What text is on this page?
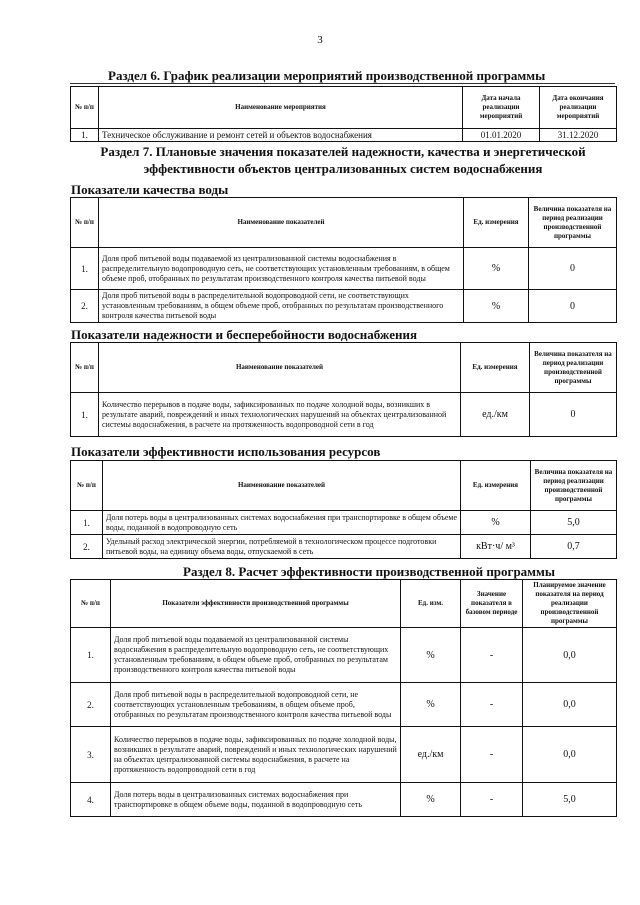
3
Раздел 6. График реализации мероприятий производственной программы
№ п/п	Наименование мероприятия	Дата начала реализации мероприятий	Дата окончания реализации мероприятий
1.	Техническое обслуживание и ремонт сетей и объектов водоснабжения	01.01.2020	31.12.2020
Раздел 7. Плановые значения показателей надежности, качества и энергетической
эффективности объектов централизованных систем водоснабжения
Показатели качества воды
№ п/п	Наименование показателей	Ед. измерения	Величина показателя на период реализации производственной программы
1.	Доля проб питьевой воды подаваемой из централизованной системы водоснабжения в распределительную водопроводную сеть, не соответствующих установленным требованиям, в общем объеме проб, отобранных по результатам производственного контроля качества питьевой воды	%	0
2.	Доля проб питьевой воды в распределительной водопроводной сети, не соответствующих установленным требованиям, в общем объеме проб, отобранных по результатам производственного контроля качества питьевой воды	%	0
Показатели надежности и бесперебойности водоснабжения
№ п/п	Наименование показателей	Ед. измерения	Величина показателя на период реализации производственной программы
1.	Количество перерывов в подаче воды, зафиксированных по подаче холодной воды, возникших в результате аварий, повреждений и иных технологических нарушений на объектах централизованной системы водоснабжения, в расчете на протяженность водопроводной сети в год	ед./км	0
Показатели эффективности использования ресурсов
№ п/п	Наименование показателей	Ед. измерения	Величина показателя на период реализации производственной программы
1.	Доля потерь воды в централизованных системах водоснабжения при транспортировке в общем объеме воды, поданной в водопроводную сеть	%	5,0
2.	Удельный расход электрической энергии, потребляемой в технологическом процессе подготовки питьевой воды, на единицу объема воды, отпускаемой в сеть	кВт·ч/ м³	0,7
Раздел 8. Расчет эффективности производственной программы
№ п/п	Показатели эффективности производственной программы	Ед. изм.	Значение показателя в базовом периоде	Планируемое значение показателя на период реализации производственной программы
1.	Доля проб питьевой воды подаваемой из централизованной системы водоснабжения в распределительную водопроводную сеть, не соответствующих установленным требованиям, в общем объеме проб, отобранных по результатам производственного контроля качества питьевой воды	%	-	0,0
2.	Доля проб питьевой воды в распределительной водопроводной сети, не соответствующих установленным требованиям, в общем объеме проб, отобранных по результатам производственного контроля качества питьевой воды	%	-	0,0
3.	Количество перерывов в подаче воды, зафиксированных по подаче холодной воды, возникших в результате аварий, повреждений и иных технологических нарушений на объектах централизованной системы водоснабжения, в расчете на протяженность водопроводной сети в год	ед./км	-	0,0
4.	Доля потерь воды в централизованных системах водоснабжения при транспортировке в общем объеме воды, поданной в водопроводную сеть	%	-	5,0
